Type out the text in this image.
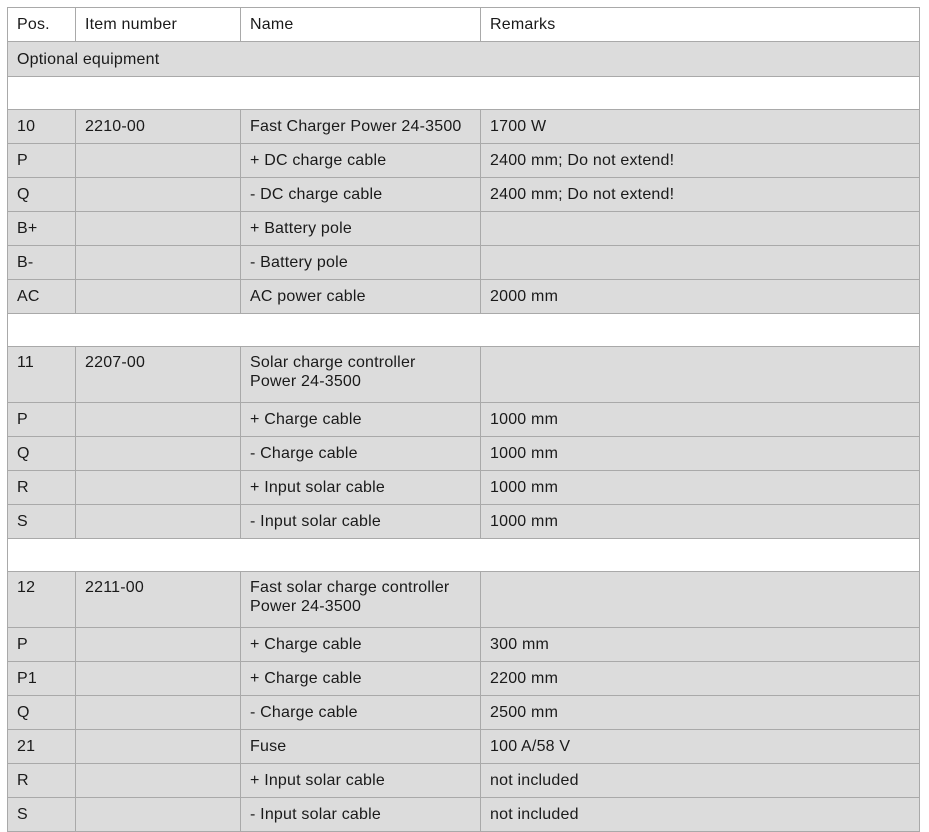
Pos.	Item number	Name	Remarks
Optional equipment			

10	2210-00	Fast Charger Power 24-3500	1700 W
P		+ DC charge cable	2400 mm; Do not extend!
Q		- DC charge cable	2400 mm; Do not extend!
B+		+ Battery pole	
B-		- Battery pole	
AC		AC power cable	2000 mm

11	2207-00	Solar charge controller
Power 24-3500	

P		+ Charge cable	1000 mm
Q		- Charge cable	1000 mm
R		+ Input solar cable	1000 mm
S		- Input solar cable	1000 mm

12	2211-00	Fast solar charge controller
Power 24-3500	

P		+ Charge cable	300 mm
P1		+ Charge cable	2200 mm
Q		- Charge cable	2500 mm
21		Fuse	100 A/58 V
R		+ Input solar cable	not included
S		- Input solar cable	not included
